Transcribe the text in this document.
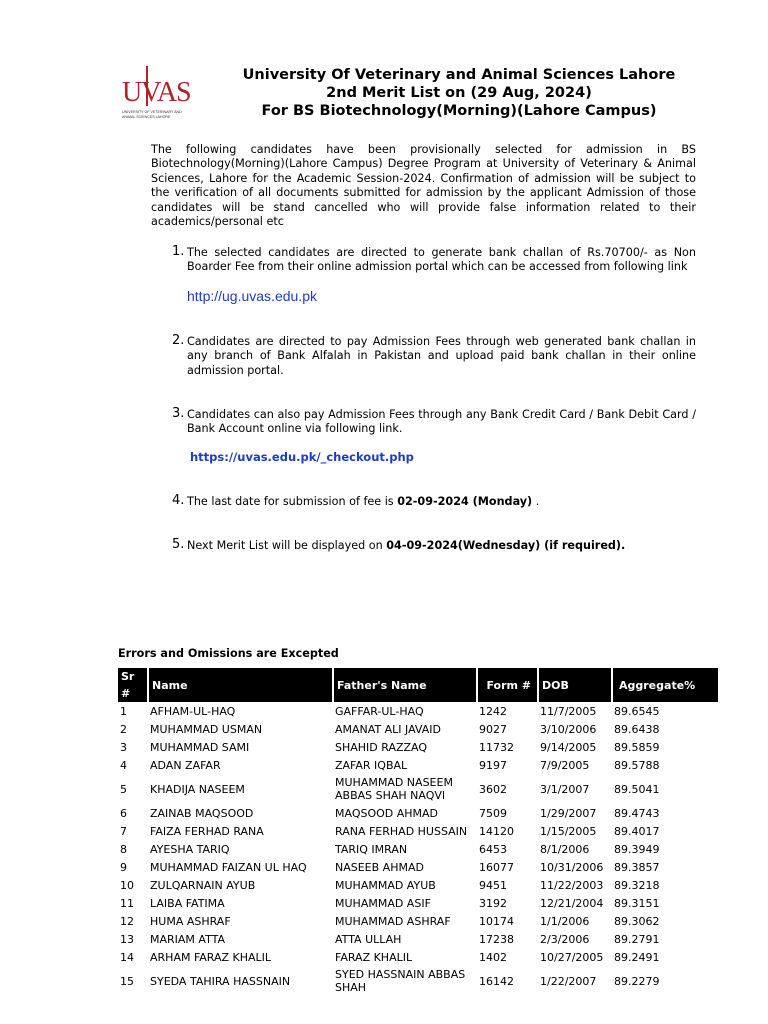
UVAS
UNIVERSITY OF VETERINARY AND ANIMAL SCIENCES LAHORE
University Of Veterinary and Animal Sciences Lahore
2nd Merit List on (29 Aug, 2024)
For BS Biotechnology(Morning)(Lahore Campus)
The following candidates have been provisionally selected for admission in BS Biotechnology(Morning)(Lahore Campus) Degree Program at University of Veterinary & Animal Sciences, Lahore for the Academic Session-2024. Confirmation of admission will be subject to the verification of all documents submitted for admission by the applicant Admission of those candidates will be stand cancelled who will provide false information related to their academics/personal etc
1. The selected candidates are directed to generate bank challan of Rs.70700/- as Non Boarder Fee from their online admission portal which can be accessed from following link
http://ug.uvas.edu.pk
2. Candidates are directed to pay Admission Fees through web generated bank challan in any branch of Bank Alfalah in Pakistan and upload paid bank challan in their online admission portal.
3. Candidates can also pay Admission Fees through any Bank Credit Card / Bank Debit Card / Bank Account online via following link.
https://uvas.edu.pk/_checkout.php
4. The last date for submission of fee is 02-09-2024 (Monday) .
5. Next Merit List will be displayed on 04-09-2024(Wednesday) (if required).
Errors and Omissions are Excepted
Sr #	Name	Father's Name	Form #	DOB	Aggregate%
1	AFHAM-UL-HAQ	GAFFAR-UL-HAQ	1242	11/7/2005	89.6545
2	MUHAMMAD USMAN	AMANAT ALI JAVAID	9027	3/10/2006	89.6438
3	MUHAMMAD SAMI	SHAHID RAZZAQ	11732	9/14/2005	89.5859
4	ADAN ZAFAR	ZAFAR IQBAL	9197	7/9/2005	89.5788
5	KHADIJA NASEEM	MUHAMMAD NASEEM ABBAS SHAH NAQVI	3602	3/1/2007	89.5041
6	ZAINAB MAQSOOD	MAQSOOD AHMAD	7509	1/29/2007	89.4743
7	FAIZA FERHAD RANA	RANA FERHAD HUSSAIN	14120	1/15/2005	89.4017
8	AYESHA TARIQ	TARIQ IMRAN	6453	8/1/2006	89.3949
9	MUHAMMAD FAIZAN UL HAQ	NASEEB AHMAD	16077	10/31/2006	89.3857
10	ZULQARNAIN AYUB	MUHAMMAD AYUB	9451	11/22/2003	89.3218
11	LAIBA FATIMA	MUHAMMAD ASIF	3192	12/21/2004	89.3151
12	HUMA ASHRAF	MUHAMMAD ASHRAF	10174	1/1/2006	89.3062
13	MARIAM ATTA	ATTA ULLAH	17238	2/3/2006	89.2791
14	ARHAM FARAZ KHALIL	FARAZ KHALIL	1402	10/27/2005	89.2491
15	SYEDA TAHIRA HASSNAIN	SYED HASSNAIN ABBAS SHAH	16142	1/22/2007	89.2279
